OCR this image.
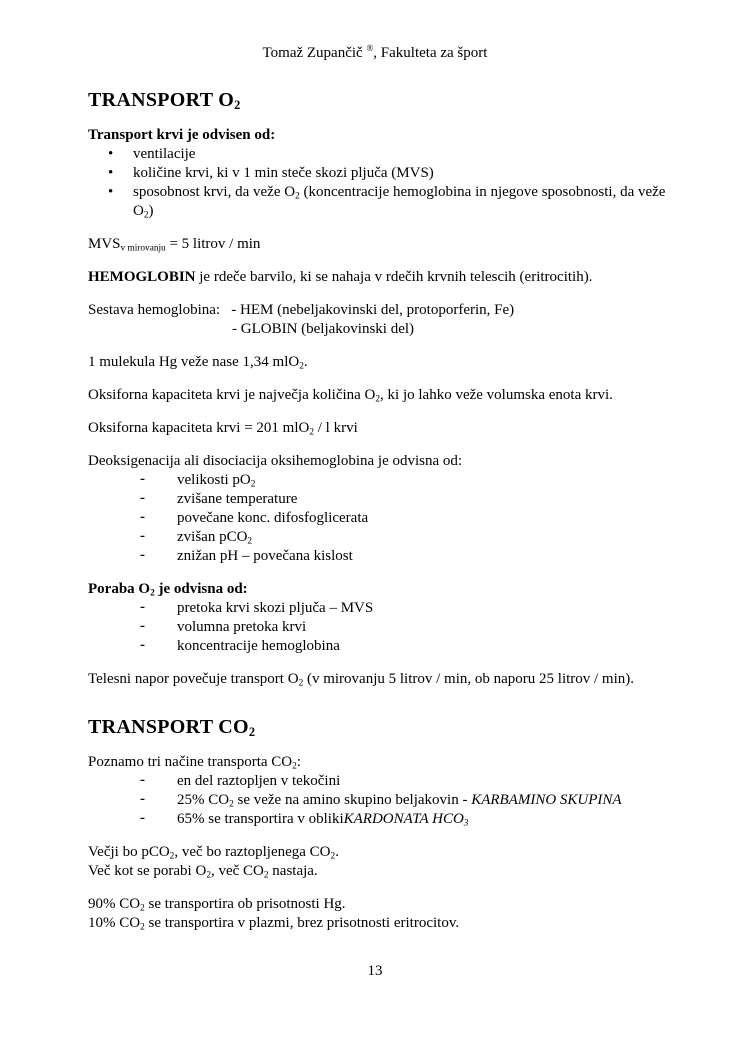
Tomaž Zupančič ®, Fakulteta za šport
TRANSPORT $O_2$
Transport krvi je odvisen od:
• ventilacije
• količine krvi, ki v 1 min steče skozi pljuča (MVS)
• sposobnost krvi, da veže $O_2$ (koncentracije hemoglobina in njegove sposobnosti, da veže $O_2$)
$MVS_{v mirovanju} = 5$ litrov / min
HEMOGLOBIN je rdeče barvilo, ki se nahaja v rdečih krvnih telescih (eritrocitih).
Sestava hemoglobina:   - HEM (nebeljakovinski del, protoporferin, Fe)
- GLOBIN (beljakovinski del)
1 mulekula Hg veže nase 1,34 mlO$_2$.
Oksiforna kapaciteta krvi je največja količina $O_2$, ki jo lahko veže volumska enota krvi.
Oksiforna kapaciteta krvi = 201 mlO$_2$ / l krvi
Deoksigenacija ali disociacija oksihemoglobina je odvisna od:
- velikosti $pO_2$
- zvišane temperature
- povečane konc. difosfoglicerata
- zvišan pCO$_2$
- znižan pH – povečana kislost
Poraba $O_2$ je odvisna od:
- pretoka krvi skozi pljuča – MVS
- volumna pretoka krvi
- koncentracije hemoglobina
Telesni napor povečuje transport $O_2$ (v mirovanju 5 litrov / min, ob naporu 25 litrov / min).
TRANSPORT $CO_2$
Poznamo tri načine transporta $CO_2$:
- en del raztopljen v tekočini
- 25% $CO_2$ se veže na amino skupino beljakovin - KARBAMINO SKUPINA
- 65% se transportira v oblikiKARDONATA $HCO_3$
Večji bo pCO$_2$, več bo raztopljenega $CO_2$.
Več kot se porabi $O_2$, več $CO_2$ nastaja.
90% $CO_2$ se transportira ob prisotnosti Hg.
10% $CO_2$ se transportira v plazmi, brez prisotnosti eritrocitov.
13
